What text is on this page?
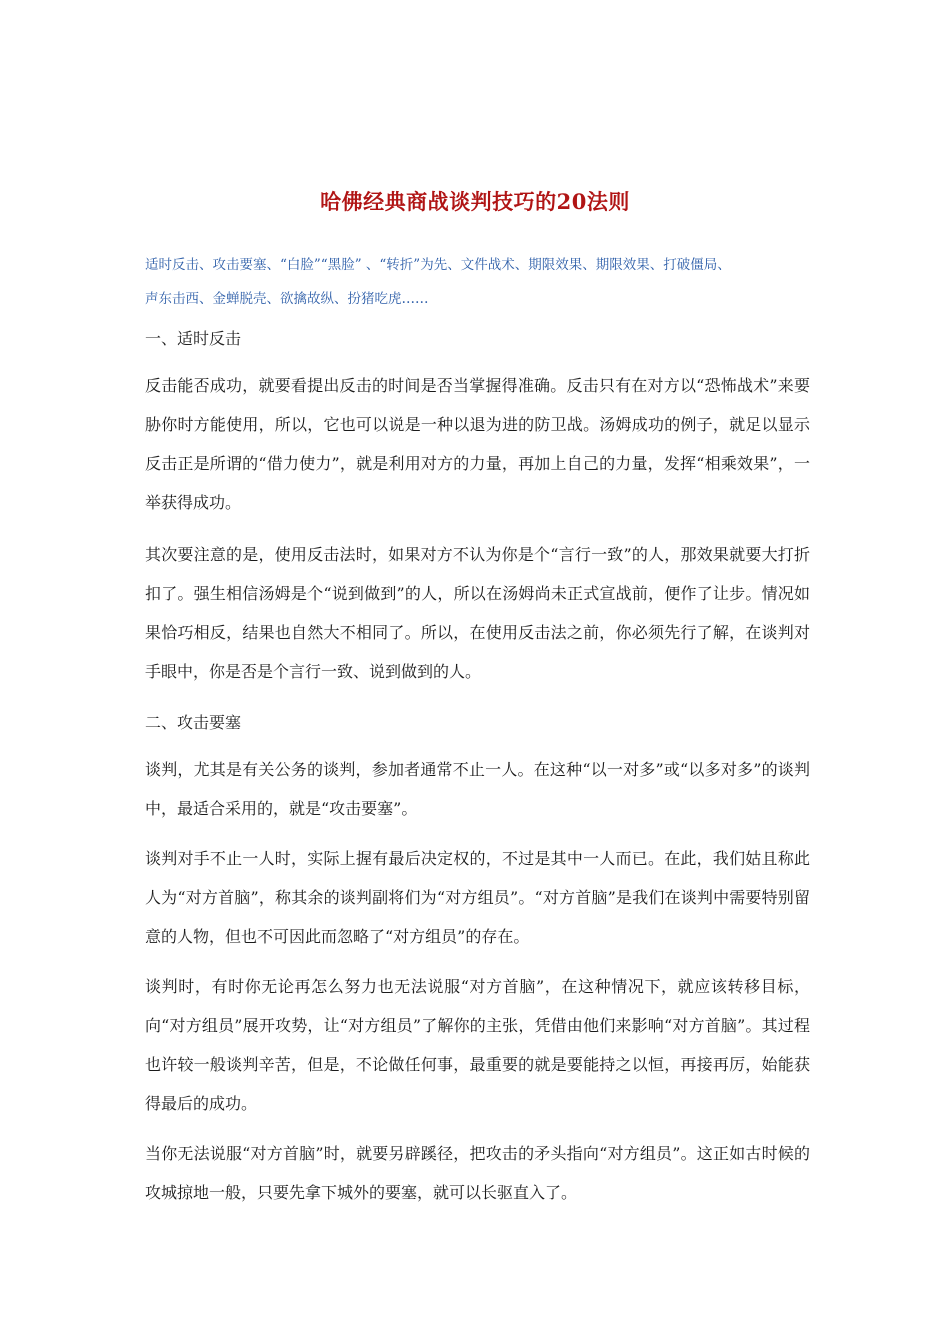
哈佛经典商战谈判技巧的20法则
适时反击、攻击要塞、“白脸”“黑脸” 、“转折”为先、文件战术、期限效果、期限效果、打破僵局、
声东击西、金蝉脱壳、欲擒故纵、扮猪吃虎……
一、适时反击
反击能否成功，就要看提出反击的时间是否当掌握得准确。反击只有在对方以“恐怖战术”来要胁你时方能使用，所以，它也可以说是一种以退为进的防卫战。汤姆成功的例子，就足以显示反击正是所谓的“借力使力”，就是利用对方的力量，再加上自己的力量，发挥“相乘效果”，一举获得成功。
其次要注意的是，使用反击法时，如果对方不认为你是个“言行一致”的人，那效果就要大打折扣了。强生相信汤姆是个“说到做到”的人，所以在汤姆尚未正式宣战前，便作了让步。情况如果恰巧相反，结果也自然大不相同了。所以，在使用反击法之前，你必须先行了解，在谈判对手眼中，你是否是个言行一致、说到做到的人。
二、攻击要塞
谈判，尤其是有关公务的谈判，参加者通常不止一人。在这种“以一对多”或“以多对多”的谈判中，最适合采用的，就是“攻击要塞”。
谈判对手不止一人时，实际上握有最后决定权的，不过是其中一人而已。在此，我们姑且称此人为“对方首脑”，称其余的谈判副将们为“对方组员”。“对方首脑”是我们在谈判中需要特别留意的人物，但也不可因此而忽略了“对方组员”的存在。
谈判时，有时你无论再怎么努力也无法说服“对方首脑”，在这种情况下，就应该转移目标，向“对方组员”展开攻势，让“对方组员”了解你的主张，凭借由他们来影响“对方首脑”。其过程也许较一般谈判辛苦，但是，不论做任何事，最重要的就是要能持之以恒，再接再厉，始能获得最后的成功。
当你无法说服“对方首脑”时，就要另辟蹊径，把攻击的矛头指向“对方组员”。这正如古时候的攻城掠地一般，只要先拿下城外的要塞，就可以长驱直入了。
